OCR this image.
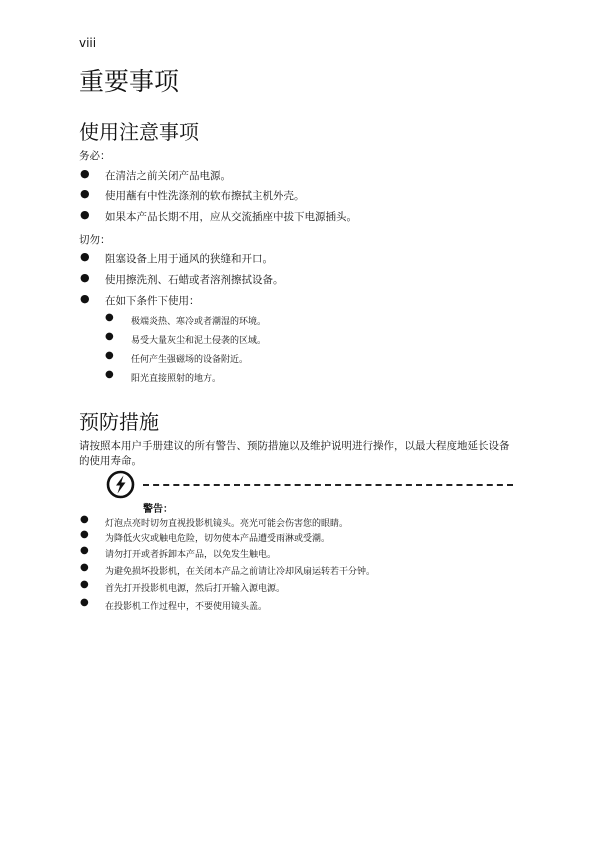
viii
重要事项
使用注意事项
务必：
● 在清洁之前关闭产品电源。
● 使用蘸有中性洗涤剂的软布擦拭主机外壳。
● 如果本产品长期不用，应从交流插座中拔下电源插头。
切勿：
● 阻塞设备上用于通风的狭缝和开口。
● 使用擦洗剂、石蜡或者溶剂擦拭设备。
● 在如下条件下使用：
● 极端炎热、寒冷或者潮湿的环境。
● 易受大量灰尘和泥土侵袭的区域。
● 任何产生强磁场的设备附近。
● 阳光直接照射的地方。
预防措施

请按照本用户手册建议的所有警告、预防措施以及维护说明进行操作，以最大程度地延长设备的使用寿命。

警告：
● 灯泡点亮时切勿直视投影机镜头。亮光可能会伤害您的眼睛。
● 为降低火灾或触电危险，切勿使本产品遭受雨淋或受潮。
● 请勿打开或者拆卸本产品，以免发生触电。
● 为避免损坏投影机，在关闭本产品之前请让冷却风扇运转若干分钟。
● 首先打开投影机电源，然后打开输入源电源。
● 在投影机工作过程中，不要使用镜头盖。
